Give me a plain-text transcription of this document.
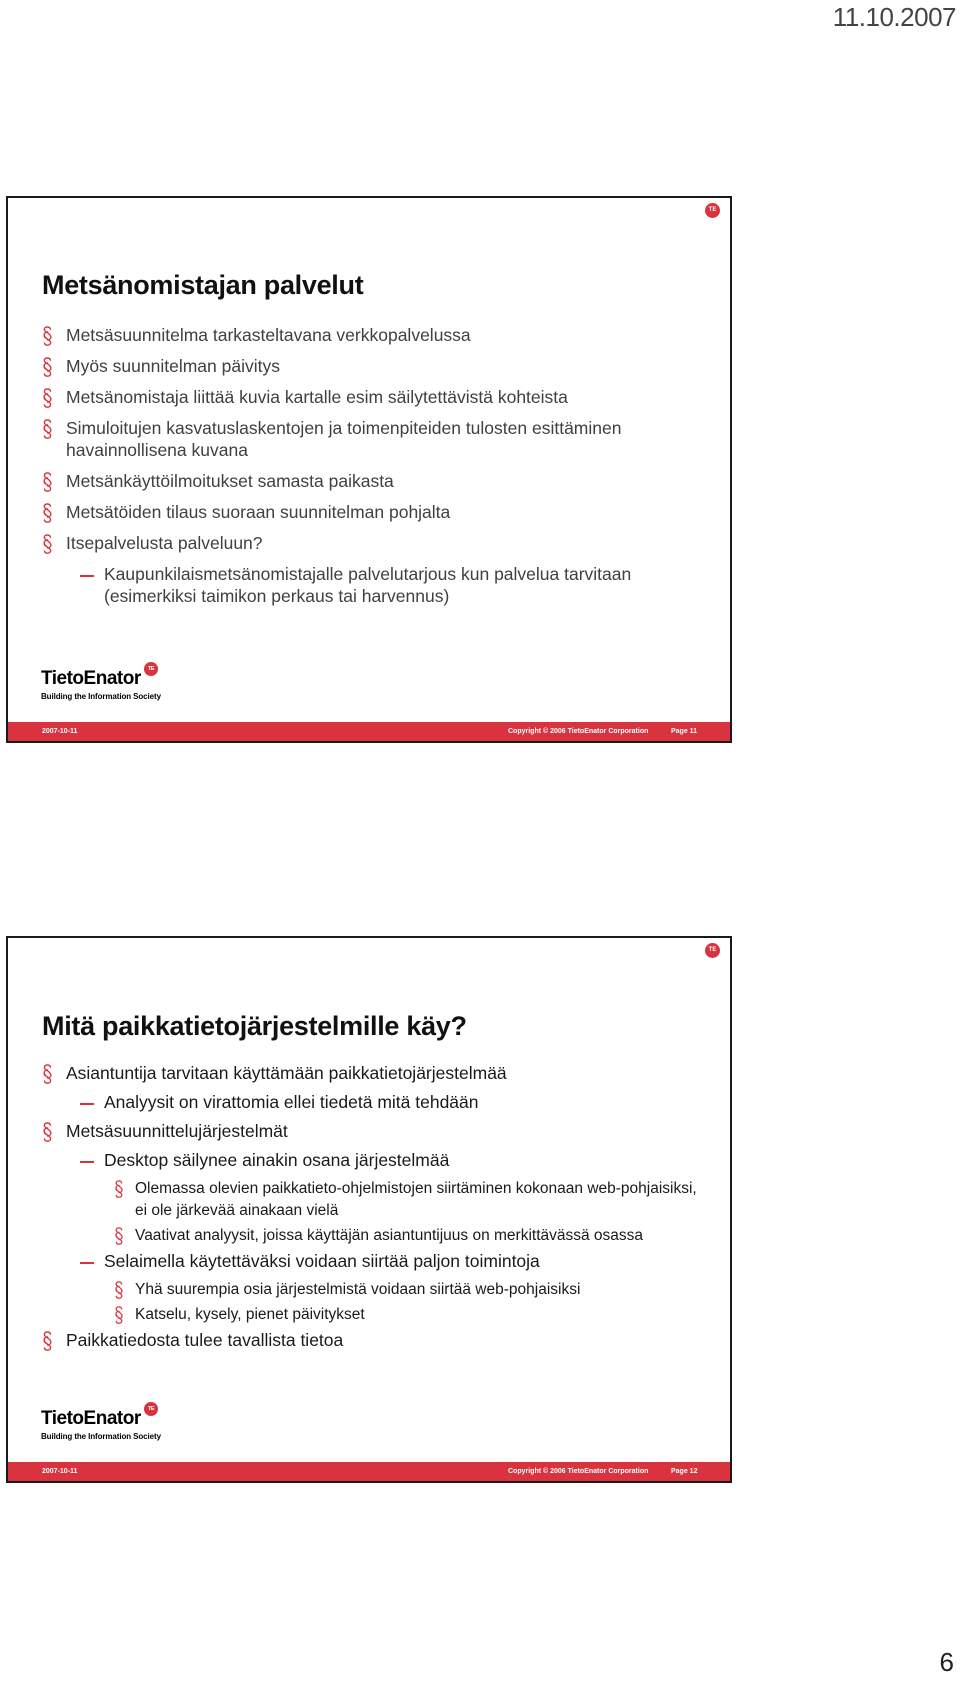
11.10.2007
TE
Metsänomistajan palvelut
Metsäsuunnitelma tarkasteltavana verkkopalvelussa
Myös suunnitelman päivitys
Metsänomistaja liittää kuvia kartalle esim säilytettävistä kohteista
Simuloitujen kasvatuslaskentojen ja toimenpiteiden tulosten esittäminen havainnollisena kuvana
Metsänkäyttöilmoitukset samasta paikasta
Metsätöiden tilaus suoraan suunnitelman pohjalta
Itsepalvelusta palveluun?
Kaupunkilaismetsänomistajalle palvelutarjous kun palvelua tarvitaan (esimerkiksi taimikon perkaus tai harvennus)
TietoEnator	TE
Building the Information Society
2007-10-11	Copyright © 2006 TietoEnator Corporation	Page 11
TE
Mitä paikkatietojärjestelmille käy?
Asiantuntija tarvitaan käyttämään paikkatietojärjestelmää
Analyysit on virattomia ellei tiedetä mitä tehdään
Metsäsuunnittelujärjestelmät
Desktop säilynee ainakin osana järjestelmää
Olemassa olevien paikkatieto-ohjelmistojen siirtäminen kokonaan web-pohjaisiksi, ei ole järkevää ainakaan vielä
Vaativat analyysit, joissa käyttäjän asiantuntijuus on merkittävässä osassa
Selaimella käytettäväksi voidaan siirtää paljon toimintoja
Yhä suurempia osia järjestelmistä voidaan siirtää web-pohjaisiksi
Katselu, kysely, pienet päivitykset
Paikkatiedosta tulee tavallista tietoa
TietoEnator	TE
Building the Information Society
2007-10-11	Copyright © 2006 TietoEnator Corporation	Page 12
6
